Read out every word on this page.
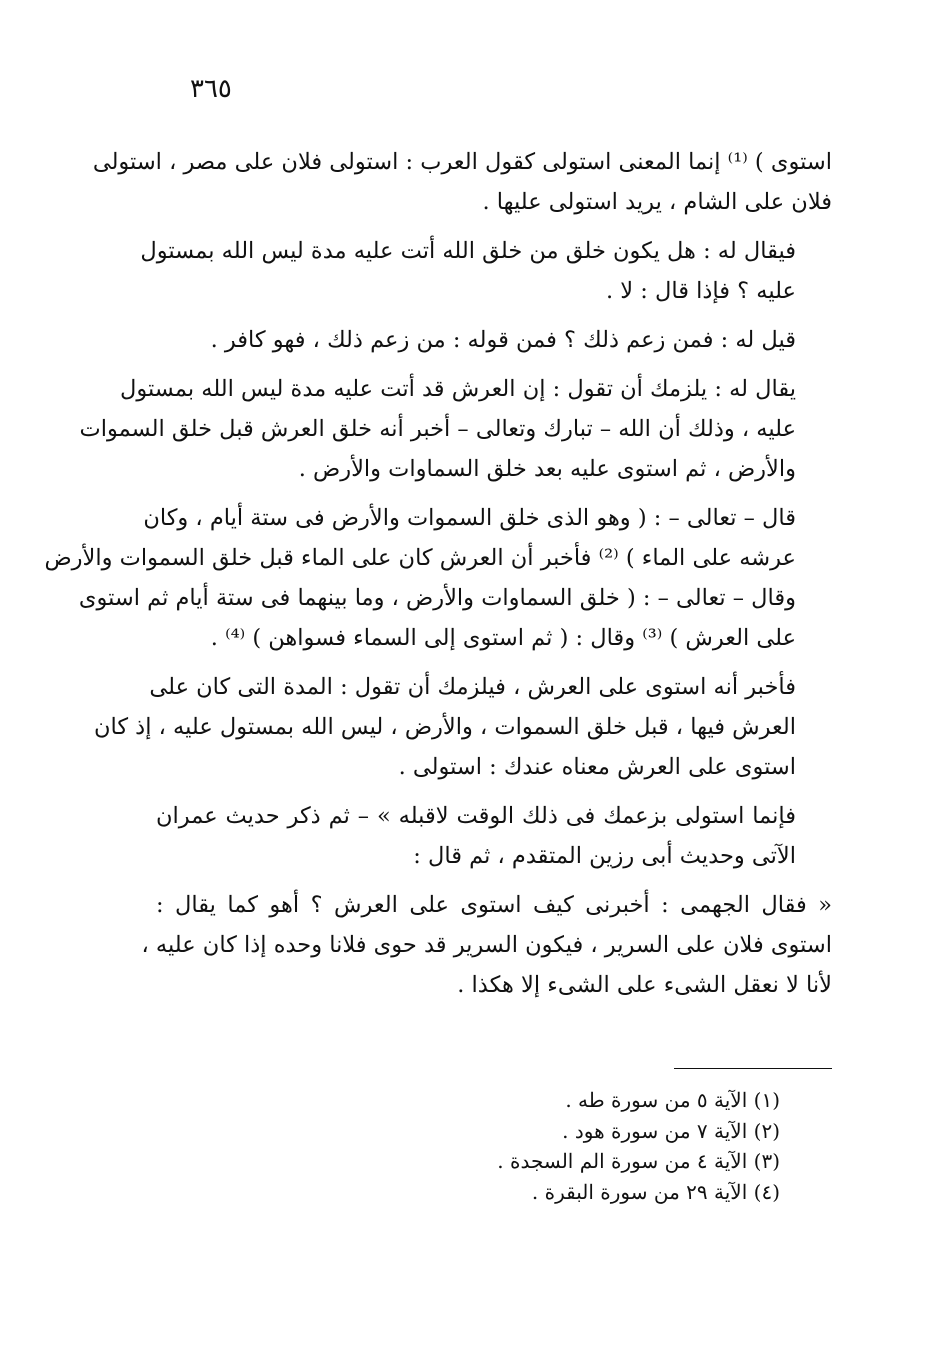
٣٦٥

استوى ) ⁽¹⁾ إنما المعنى استولى كقول العرب : استولى فلان على مصر ، استولى
فلان على الشام ، يريد استولى عليها .

فيقال له : هل يكون خلق من خلق الله أتت عليه مدة ليس الله بمستول
عليه ؟ فإذا قال : لا .

قيل له : فمن زعم ذلك ؟ فمن قوله : من زعم ذلك ، فهو كافر .

يقال له : يلزمك أن تقول : إن العرش قد أتت عليه مدة ليس الله بمستول
عليه ، وذلك أن الله – تبارك وتعالى – أخبر أنه خلق العرش قبل خلق السموات
والأرض ، ثم استوى عليه بعد خلق السماوات والأرض .

قال – تعالى – : ( وهو الذى خلق السموات والأرض فى ستة أيام ، وكان
عرشه على الماء ) ⁽²⁾ فأخبر أن العرش كان على الماء قبل خلق السموات والأرض
وقال – تعالى – : ( خلق السماوات والأرض ، وما بينهما فى ستة أيام ثم استوى
على العرش ) ⁽³⁾ وقال : ( ثم استوى إلى السماء فسواهن ) ⁽⁴⁾ .

فأخبر أنه استوى على العرش ، فيلزمك أن تقول : المدة التى كان على
العرش فيها ، قبل خلق السموات ، والأرض ، ليس الله بمستول عليه ، إذ كان
استوى على العرش معناه عندك : استولى .

فإنما استولى بزعمك فى ذلك الوقت لاقبله » – ثم ذكر حديث عمران
الآتى وحديث أبى رزين المتقدم ، ثم قال :

« فقال الجهمى : أخبرنى كيف استوى على العرش ؟ أهو كما يقال :
استوى فلان على السرير ، فيكون السرير قد حوى فلانا وحده إذا كان عليه ،
لأنا لا نعقل الشىء على الشىء إلا هكذا .

(١) الآية ٥ من سورة طه .
(٢) الآية ٧ من سورة هود .
(٣) الآية ٤ من سورة الم السجدة .
(٤) الآية ٢٩ من سورة البقرة .
